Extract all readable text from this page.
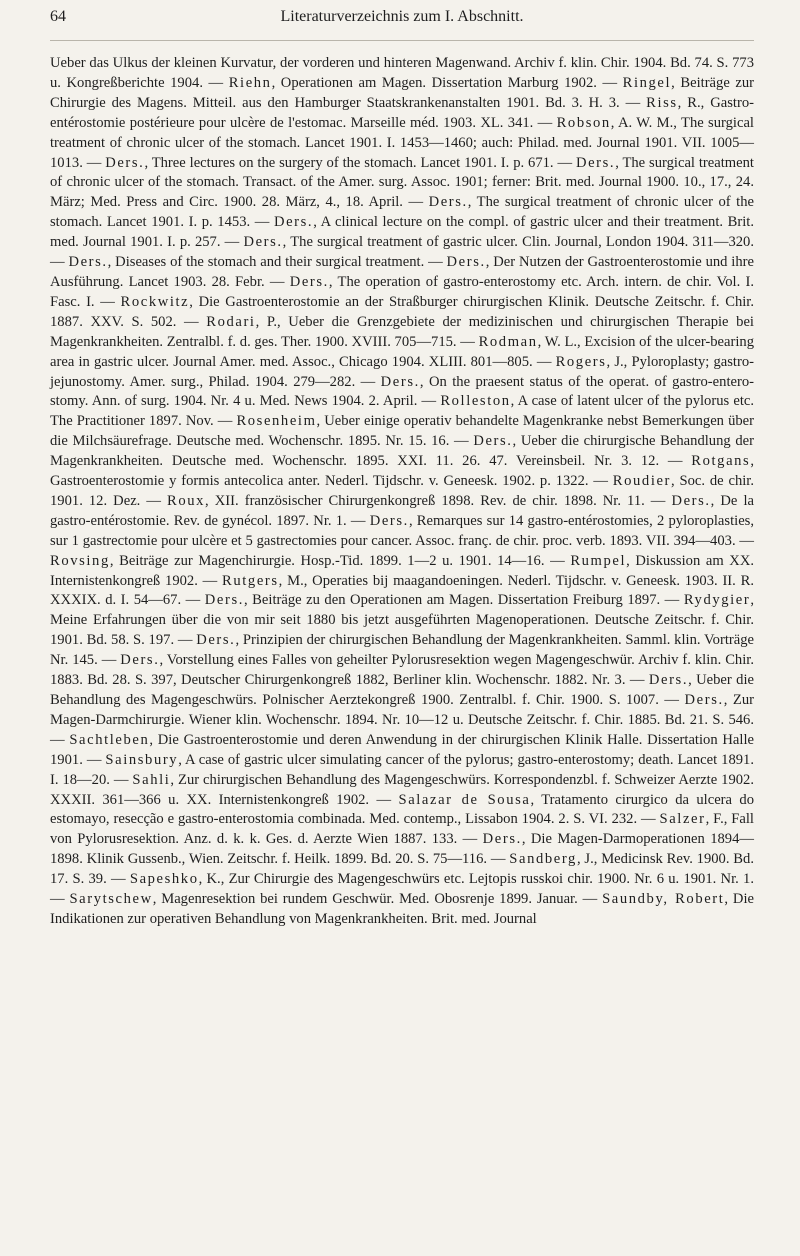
64	Literaturverzeichnis zum I. Abschnitt.

Ueber das Ulkus der kleinen Kurvatur, der vorderen und hinteren Magenwand. Archiv f. klin. Chir. 1904. Bd. 74. S. 773 u. Kongreßberichte 1904. — Riehn, Operationen am Magen. Dissertation Marburg 1902. — Ringel, Beiträge zur Chirurgie des Magens. Mitteil. aus den Hamburger Staatskrankenanstalten 1901. Bd. 3. H. 3. — Riss, R., Gastro-entérostomie postérieure pour ulcère de l'estomac. Marseille méd. 1903. XL. 341. — Robson, A. W. M., The surgical treatment of chronic ulcer of the stomach. Lancet 1901. I. 1453—1460; auch: Philad. med. Journal 1901. VII. 1005—1013. — Ders., Three lectures on the surgery of the stomach. Lancet 1901. I. p. 671. — Ders., The surgical treatment of chronic ulcer of the stomach. Transact. of the Amer. surg. Assoc. 1901; ferner: Brit. med. Journal 1900. 10., 17., 24. März; Med. Press and Circ. 1900. 28. März, 4., 18. April. — Ders., The surgical treatment of chronic ulcer of the stomach. Lancet 1901. I. p. 1453. — Ders., A clinical lecture on the compl. of gastric ulcer and their treatment. Brit. med. Journal 1901. I. p. 257. — Ders., The surgical treatment of gastric ulcer. Clin. Journal, London 1904. 311—320. — Ders., Diseases of the stomach and their surgical treatment. — Ders., Der Nutzen der Gastroenterostomie und ihre Ausführung. Lancet 1903. 28. Febr. — Ders., The operation of gastro-enterostomy etc. Arch. intern. de chir. Vol. I. Fasc. I. — Rockwitz, Die Gastroenterostomie an der Straßburger chirurgischen Klinik. Deutsche Zeitschr. f. Chir. 1887. XXV. S. 502. — Rodari, P., Ueber die Grenzgebiete der medizinischen und chirurgischen Therapie bei Magenkrankheiten. Zentralbl. f. d. ges. Ther. 1900. XVIII. 705—715. — Rodman, W. L., Excision of the ulcer-bearing area in gastric ulcer. Journal Amer. med. Assoc., Chicago 1904. XLIII. 801—805. — Rogers, J., Pyloroplasty; gastro-jejunostomy. Amer. surg., Philad. 1904. 279—282. — Ders., On the praesent status of the operat. of gastro-entero-stomy. Ann. of surg. 1904. Nr. 4 u. Med. News 1904. 2. April. — Rolleston, A case of latent ulcer of the pylorus etc. The Practitioner 1897. Nov. — Rosenheim, Ueber einige operativ behandelte Magenkranke nebst Bemerkungen über die Milchsäurefrage. Deutsche med. Wochenschr. 1895. Nr. 15. 16. — Ders., Ueber die chirurgische Behandlung der Magenkrankheiten. Deutsche med. Wochenschr. 1895. XXI. 11. 26. 47. Vereinsbeil. Nr. 3. 12. — Rotgans, Gastroenterostomie y formis antecolica anter. Nederl. Tijdschr. v. Geneesk. 1902. p. 1322. — Roudier, Soc. de chir. 1901. 12. Dez. — Roux, XII. französischer Chirurgenkongreß 1898. Rev. de chir. 1898. Nr. 11. — Ders., De la gastro-entérostomie. Rev. de gynécol. 1897. Nr. 1. — Ders., Remarques sur 14 gastro-entérostomies, 2 pyloroplasties, sur 1 gastrectomie pour ulcère et 5 gastrectomies pour cancer. Assoc. franç. de chir. proc. verb. 1893. VII. 394—403. — Rovsing, Beiträge zur Magenchirurgie. Hosp.-Tid. 1899. 1—2 u. 1901. 14—16. — Rumpel, Diskussion am XX. Internistenkongreß 1902. — Rutgers, M., Operaties bij maagandoeningen. Nederl. Tijdschr. v. Geneesk. 1903. II. R. XXXIX. d. I. 54—67. — Ders., Beiträge zu den Operationen am Magen. Dissertation Freiburg 1897. — Rydygier, Meine Erfahrungen über die von mir seit 1880 bis jetzt ausgeführten Magenoperationen. Deutsche Zeitschr. f. Chir. 1901. Bd. 58. S. 197. — Ders., Prinzipien der chirurgischen Behandlung der Magenkrankheiten. Samml. klin. Vorträge Nr. 145. — Ders., Vorstellung eines Falles von geheilter Pylorusresektion wegen Magengeschwür. Archiv f. klin. Chir. 1883. Bd. 28. S. 397, Deutscher Chirurgenkongreß 1882, Berliner klin. Wochenschr. 1882. Nr. 3. — Ders., Ueber die Behandlung des Magengeschwürs. Polnischer Aerztekongreß 1900. Zentralbl. f. Chir. 1900. S. 1007. — Ders., Zur Magen-Darmchirurgie. Wiener klin. Wochenschr. 1894. Nr. 10—12 u. Deutsche Zeitschr. f. Chir. 1885. Bd. 21. S. 546. — Sachtleben, Die Gastroenterostomie und deren Anwendung in der chirurgischen Klinik Halle. Dissertation Halle 1901. — Sainsbury, A case of gastric ulcer simulating cancer of the pylorus; gastro-enterostomy; death. Lancet 1891. I. 18—20. — Sahli, Zur chirurgischen Behandlung des Magengeschwürs. Korrespondenzbl. f. Schweizer Aerzte 1902. XXXII. 361—366 u. XX. Internistenkongreß 1902. — Salazar de Sousa, Tratamento cirurgico da ulcera do estomayo, resecção e gastro-enterostomia combinada. Med. contemp., Lissabon 1904. 2. S. VI. 232. — Salzer, F., Fall von Pylorusresektion. Anz. d. k. k. Ges. d. Aerzte Wien 1887. 133. — Ders., Die Magen-Darmoperationen 1894—1898. Klinik Gussenb., Wien. Zeitschr. f. Heilk. 1899. Bd. 20. S. 75—116. — Sandberg, J., Medicinsk Rev. 1900. Bd. 17. S. 39. — Sapeshko, K., Zur Chirurgie des Magengeschwürs etc. Lejtopis russkoi chir. 1900. Nr. 6 u. 1901. Nr. 1. — Sarytschew, Magenresektion bei rundem Geschwür. Med. Obosrenje 1899. Januar. — Saundby, Robert, Die Indikationen zur operativen Behandlung von Magenkrankheiten. Brit. med. Journal
